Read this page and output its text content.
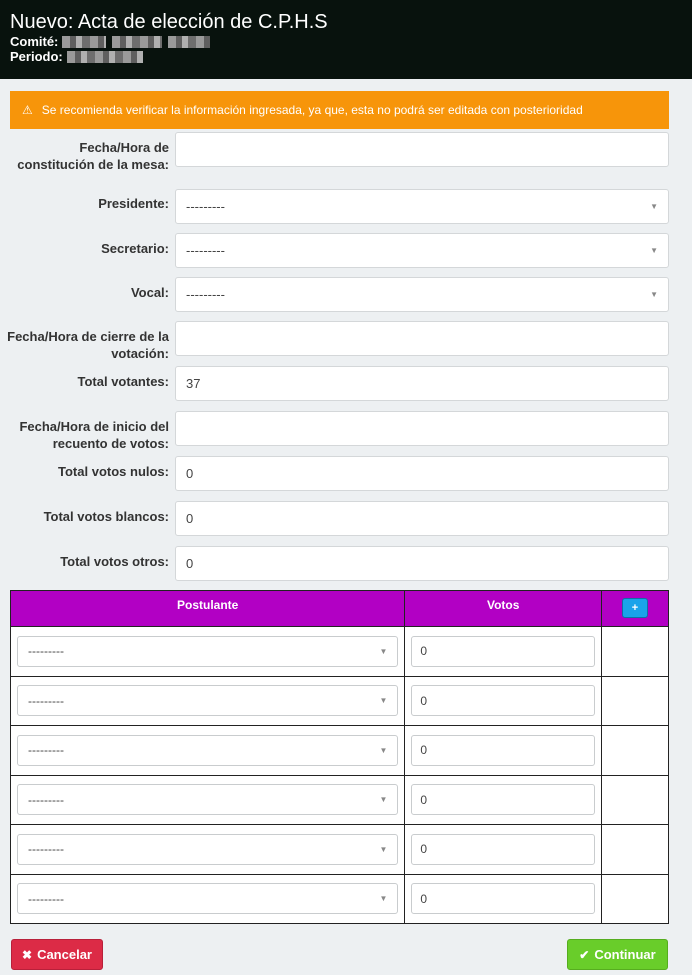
Nuevo: Acta de elección de C.P.H.S
Comité:
Periodo:
⚠ Se recomienda verificar la información ingresada, ya que, esta no podrá ser editada con posterioridad
Fecha/Hora de constitución de la mesa:
Presidente: ---------	▼
Secretario: ---------	▼
Vocal: ---------	▼
Fecha/Hora de cierre de la votación:
Total votantes:	37
Fecha/Hora de inicio del recuento de votos:
Total votos nulos:	0
Total votos blancos:	0
Total votos otros:	0
Postulante	Votos	+

--------- ▼	0	

--------- ▼	0	

--------- ▼	0	

--------- ▼	0	

--------- ▼	0	

--------- ▼	0	

✖ Cancelar	✔ Continuar
